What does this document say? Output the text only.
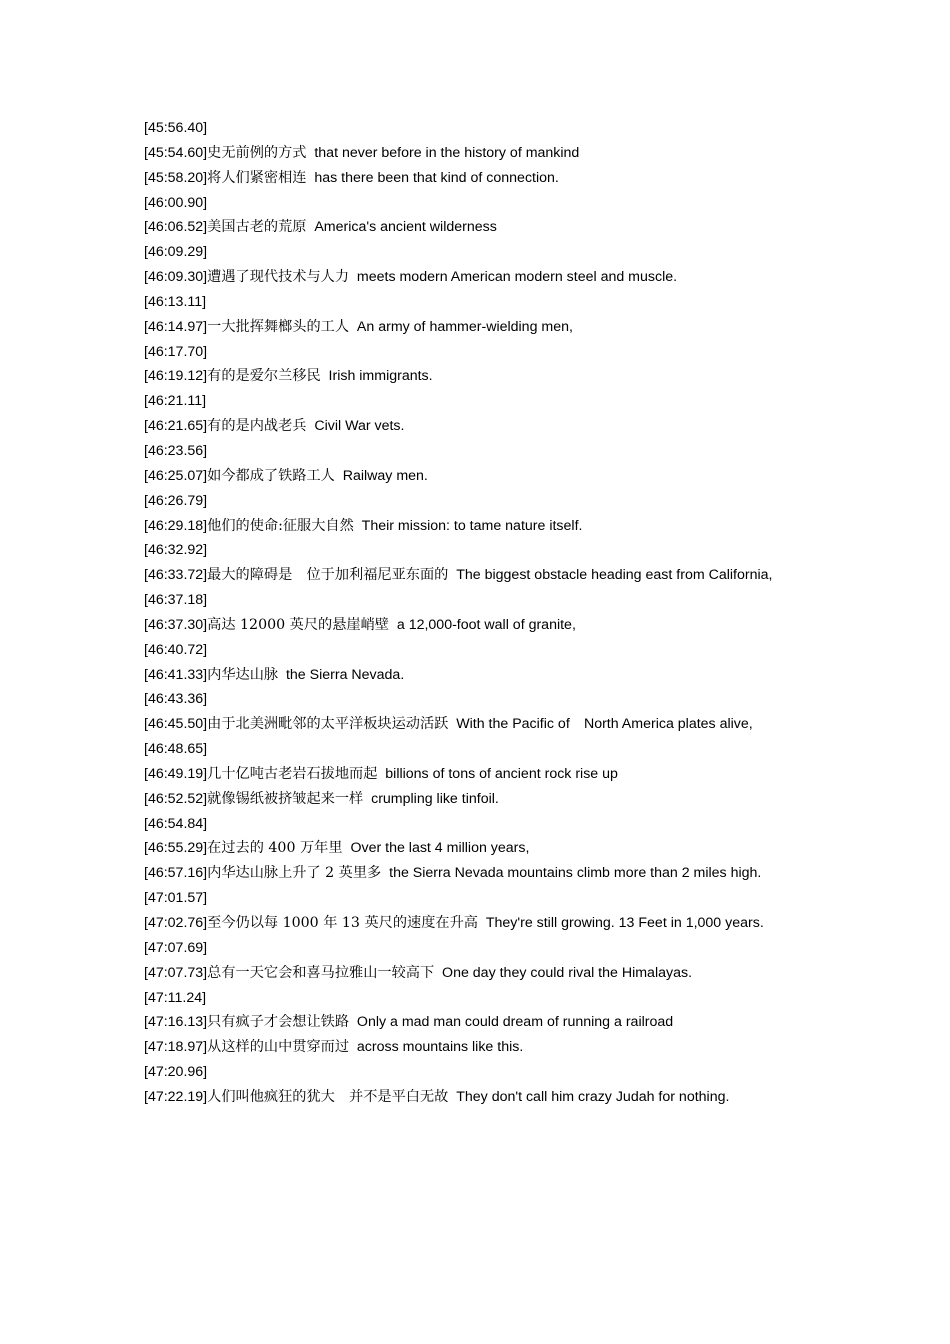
[45:56.40]
[45:54.60]史无前例的方式 that never before in the history of mankind
[45:58.20]将人们紧密相连 has there been that kind of connection.
[46:00.90]
[46:06.52]美国古老的荒原 America's ancient wilderness
[46:09.29]
[46:09.30]遭遇了现代技术与人力 meets modern American modern steel and muscle.
[46:13.11]
[46:14.97]一大批挥舞榔头的工人 An army of hammer-wielding men,
[46:17.70]
[46:19.12]有的是爱尔兰移民 Irish immigrants.
[46:21.11]
[46:21.65]有的是内战老兵 Civil War vets.
[46:23.56]
[46:25.07]如今都成了铁路工人 Railway men.
[46:26.79]
[46:29.18]他们的使命:征服大自然 Their mission: to tame nature itself.
[46:32.92]
[46:33.72]最大的障碍是　位于加利福尼亚东面的 The biggest obstacle heading east from California,
[46:37.18]
[46:37.30]高达 12000 英尺的悬崖峭壁 a 12,000-foot wall of granite,
[46:40.72]
[46:41.33]内华达山脉 the Sierra Nevada.
[46:43.36]
[46:45.50]由于北美洲毗邻的太平洋板块运动活跃 With the Pacific of　North America plates alive,
[46:48.65]
[46:49.19]几十亿吨古老岩石拔地而起 billions of tons of ancient rock rise up
[46:52.52]就像锡纸被挤皱起来一样 crumpling like tinfoil.
[46:54.84]
[46:55.29]在过去的 400 万年里 Over the last 4 million years,
[46:57.16]内华达山脉上升了 2 英里多 the Sierra Nevada mountains climb more than 2 miles high.
[47:01.57]
[47:02.76]至今仍以每 1000 年 13 英尺的速度在升高 They're still growing. 13 Feet in 1,000 years.
[47:07.69]
[47:07.73]总有一天它会和喜马拉雅山一较高下 One day they could rival the Himalayas.
[47:11.24]
[47:16.13]只有疯子才会想让铁路 Only a mad man could dream of running a railroad
[47:18.97]从这样的山中贯穿而过 across mountains like this.
[47:20.96]
[47:22.19]人们叫他疯狂的犹大　并不是平白无故 They don't call him crazy Judah for nothing.
